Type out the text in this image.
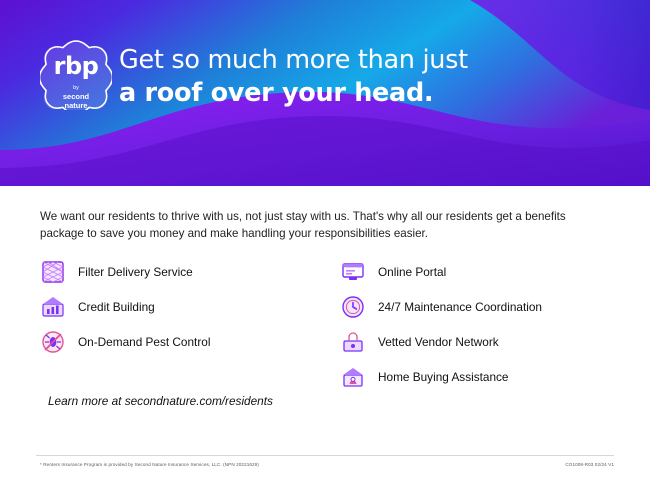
rbp
by
second
nature
Get so much more than just
a roof over your head.
We want our residents to thrive with us, not just stay with us. That's why all our residents get a benefits package to save you money and make handling your responsibilities easier.
Filter Delivery Service
Credit Building
On-Demand Pest Control
Learn more at secondnature.com/residents
Online Portal
24/7 Maintenance Coordination
Vetted Vendor Network
Home Buying Assistance
* Renters Insurance Program is provided by Second Nature Insurance Services, LLC. (NPN 20221629)	CO1008-R03 02/24 V1
